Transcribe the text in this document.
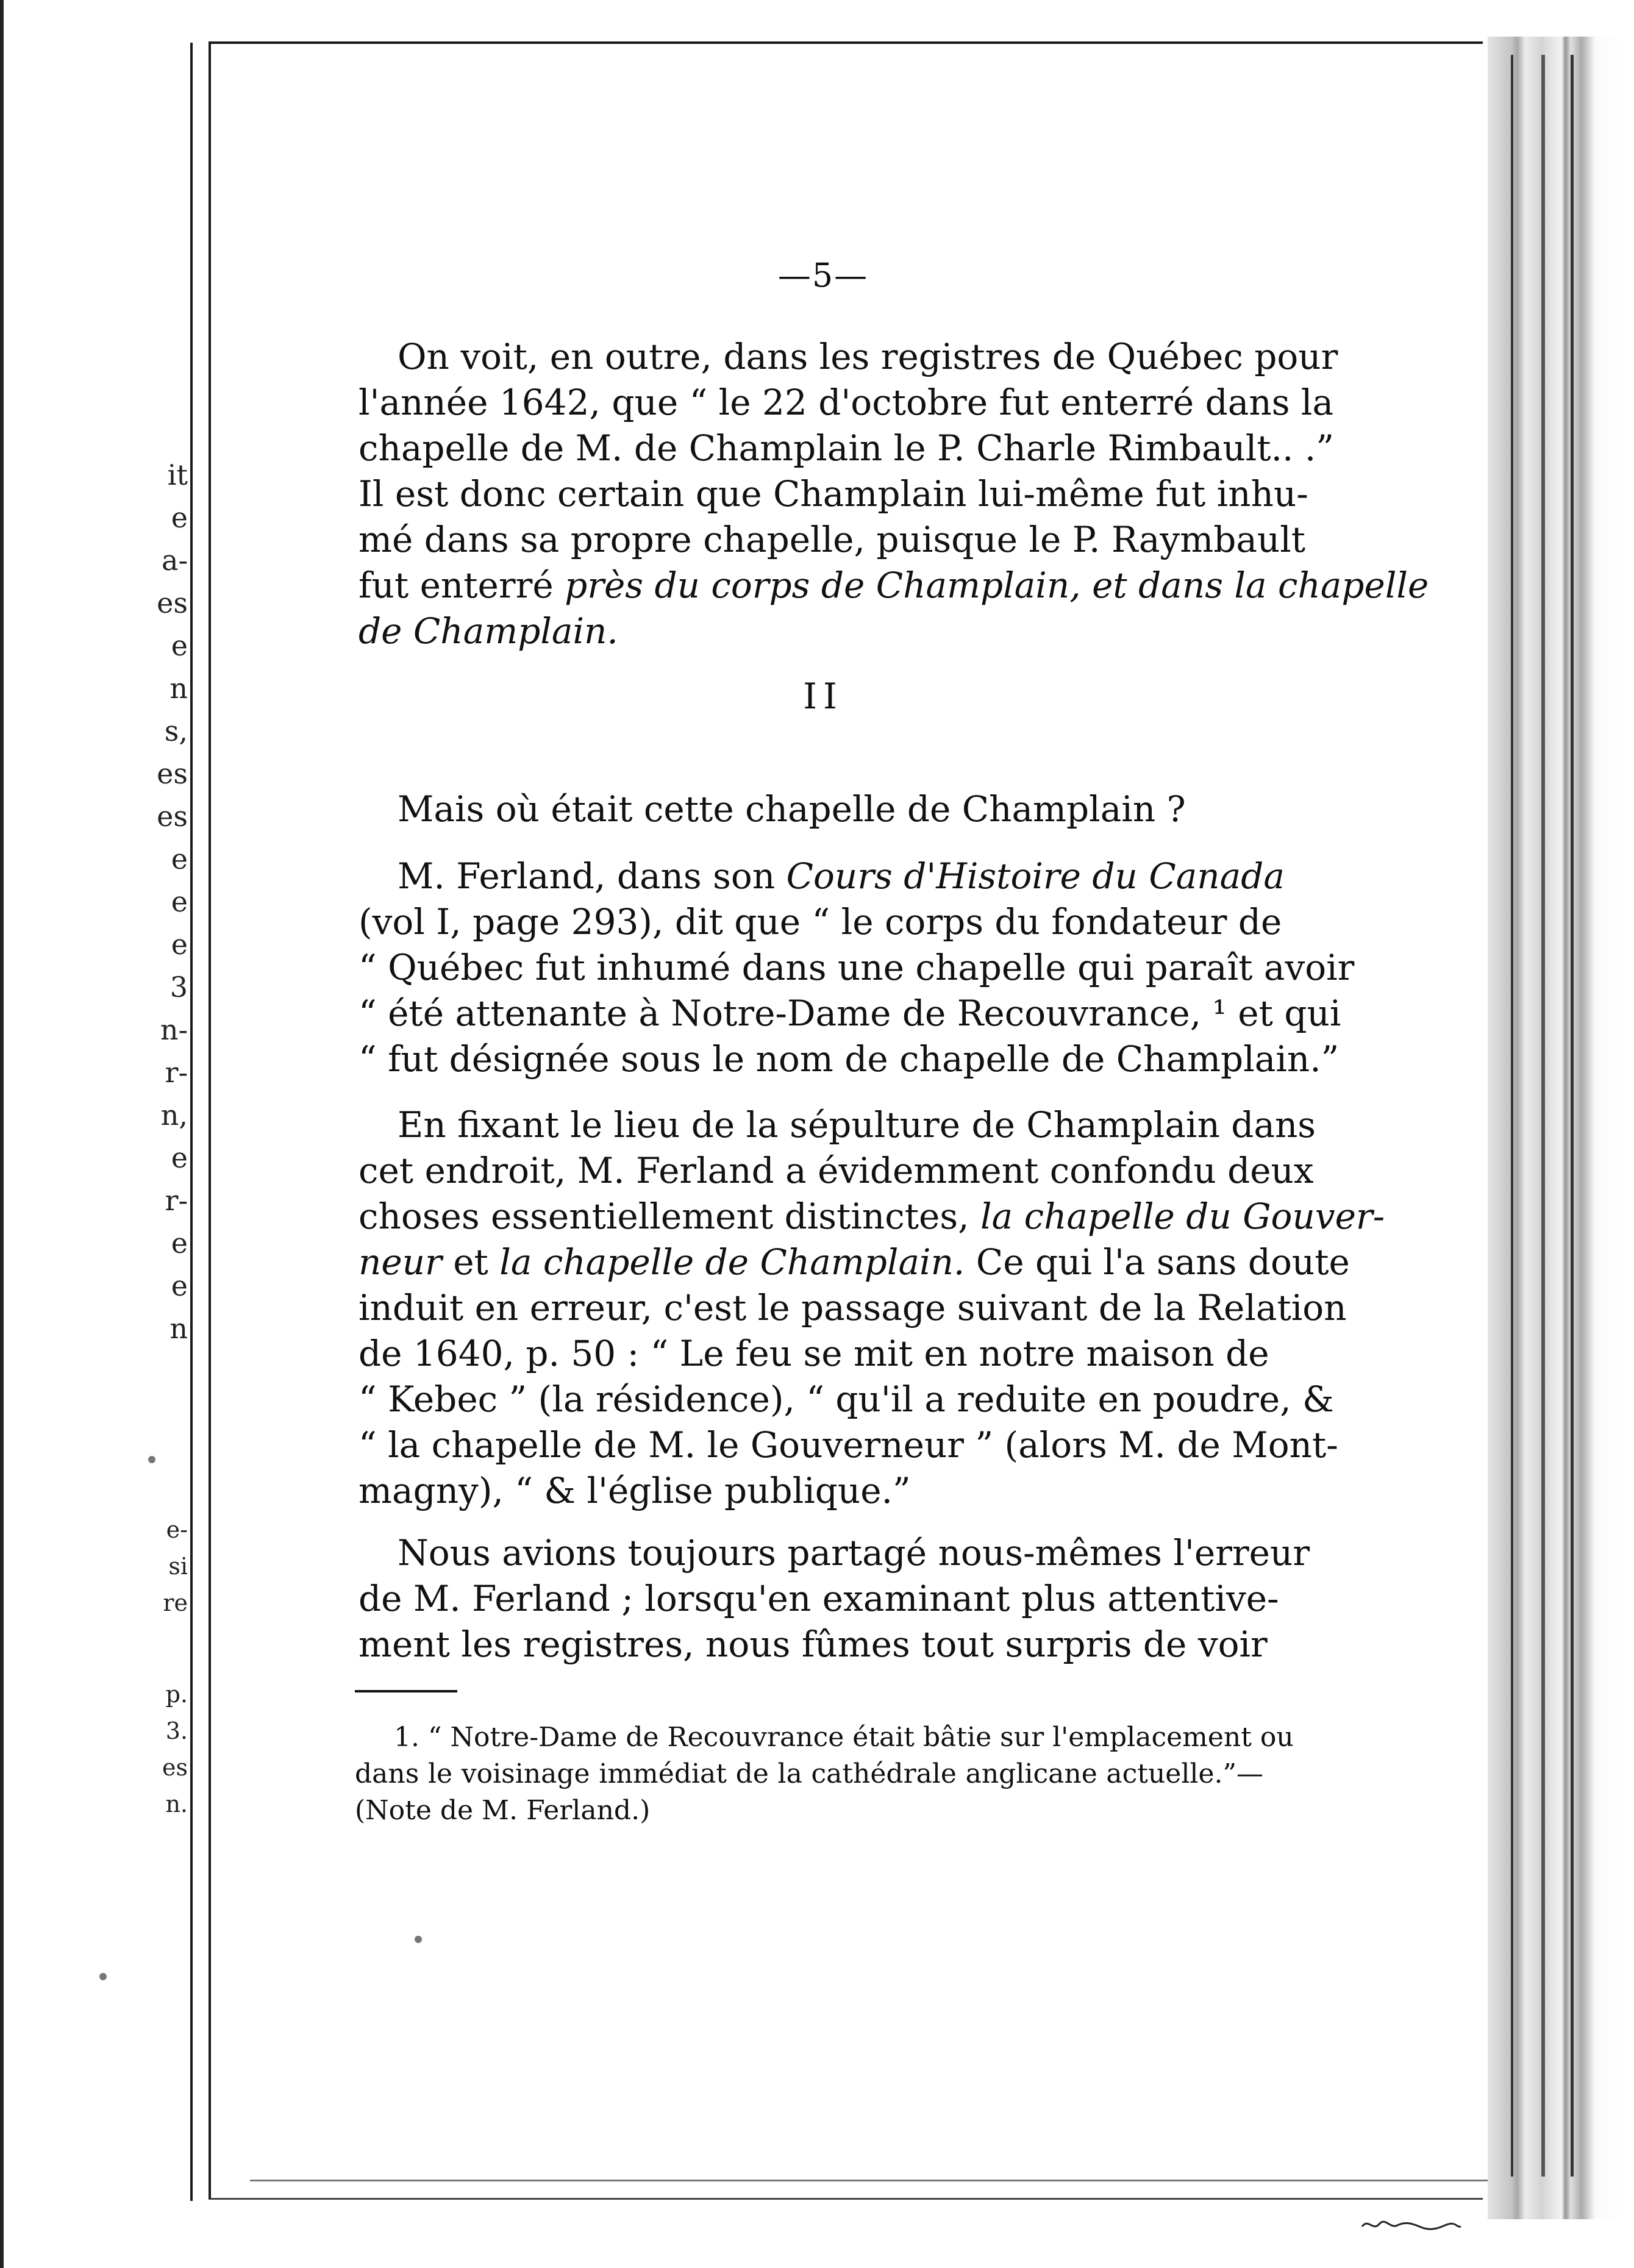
it
e
a-
es
e
n
s,
es
es
e
e
e
3
n-
r-
n,
e
r-
e
e
n
e-
si
re
p.
3.
es
n.
—5—
On voit, en outre, dans les registres de Québec pour
l'année 1642, que “ le 22 d'octobre fut enterré dans la
chapelle de M. de Champlain le P. Charle Rimbault.. .”
Il est donc certain que Champlain lui-même fut inhu-
mé dans sa propre chapelle, puisque le P. Raymbault
fut enterré près du corps de Champlain, et dans la chapelle
de Champlain.
II
Mais où était cette chapelle de Champlain ?
M. Ferland, dans son Cours d'Histoire du Canada
(vol I, page 293), dit que “ le corps du fondateur de
“ Québec fut inhumé dans une chapelle qui paraît avoir
“ été attenante à Notre-Dame de Recouvrance, ¹ et qui
“ fut désignée sous le nom de chapelle de Champlain.”
En fixant le lieu de la sépulture de Champlain dans
cet endroit, M. Ferland a évidemment confondu deux
choses essentiellement distinctes, la chapelle du Gouver-
neur et la chapelle de Champlain. Ce qui l'a sans doute
induit en erreur, c'est le passage suivant de la Relation
de 1640, p. 50 : “ Le feu se mit en notre maison de
“ Kebec ” (la résidence), “ qu'il a reduite en poudre, &
“ la chapelle de M. le Gouverneur ” (alors M. de Mont-
magny), “ & l'église publique.”
Nous avions toujours partagé nous-mêmes l'erreur
de M. Ferland ; lorsqu'en examinant plus attentive-
ment les registres, nous fûmes tout surpris de voir
1. “ Notre-Dame de Recouvrance était bâtie sur l'emplacement ou
dans le voisinage immédiat de la cathédrale anglicane actuelle.”—
(Note de M. Ferland.)
